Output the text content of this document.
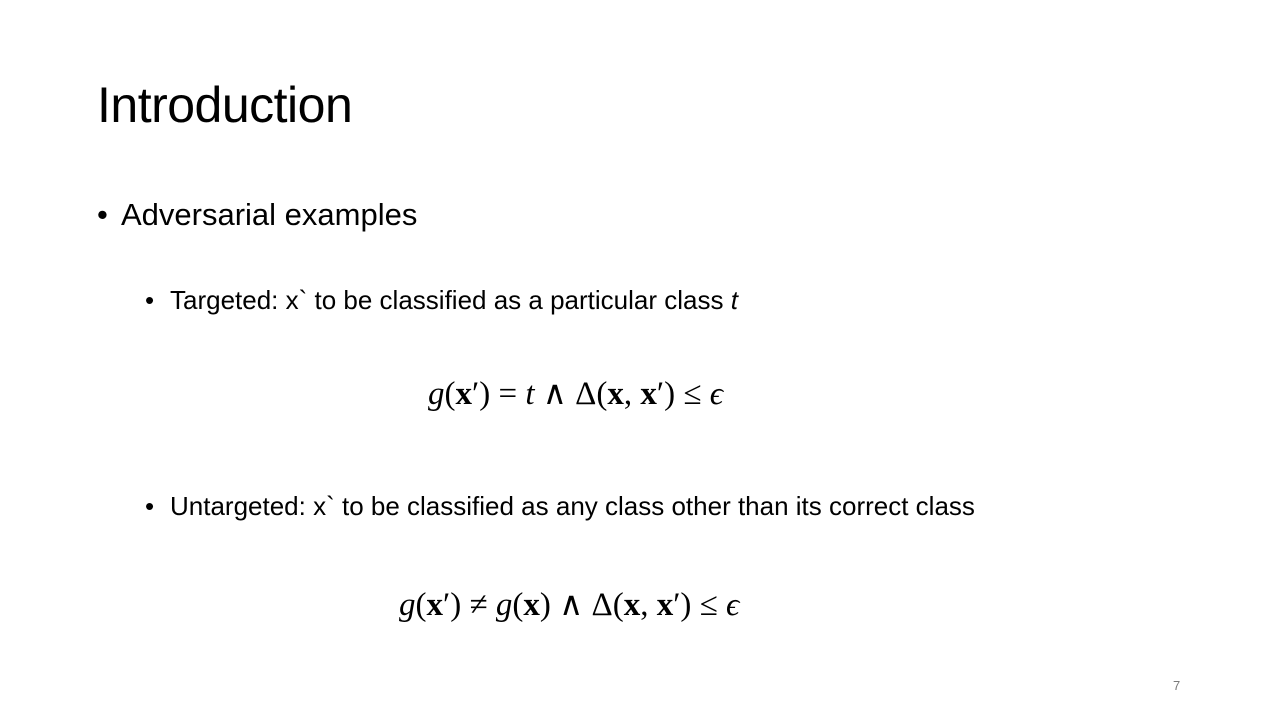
Introduction
• Adversarial examples
• Targeted: x` to be classified as a particular class t
g(x′) = t ∧ Δ(x, x′) ≤ ϵ
• Untargeted: x` to be classified as any class other than its correct class
g(x′) ≠ g(x) ∧ Δ(x, x′) ≤ ϵ
7
